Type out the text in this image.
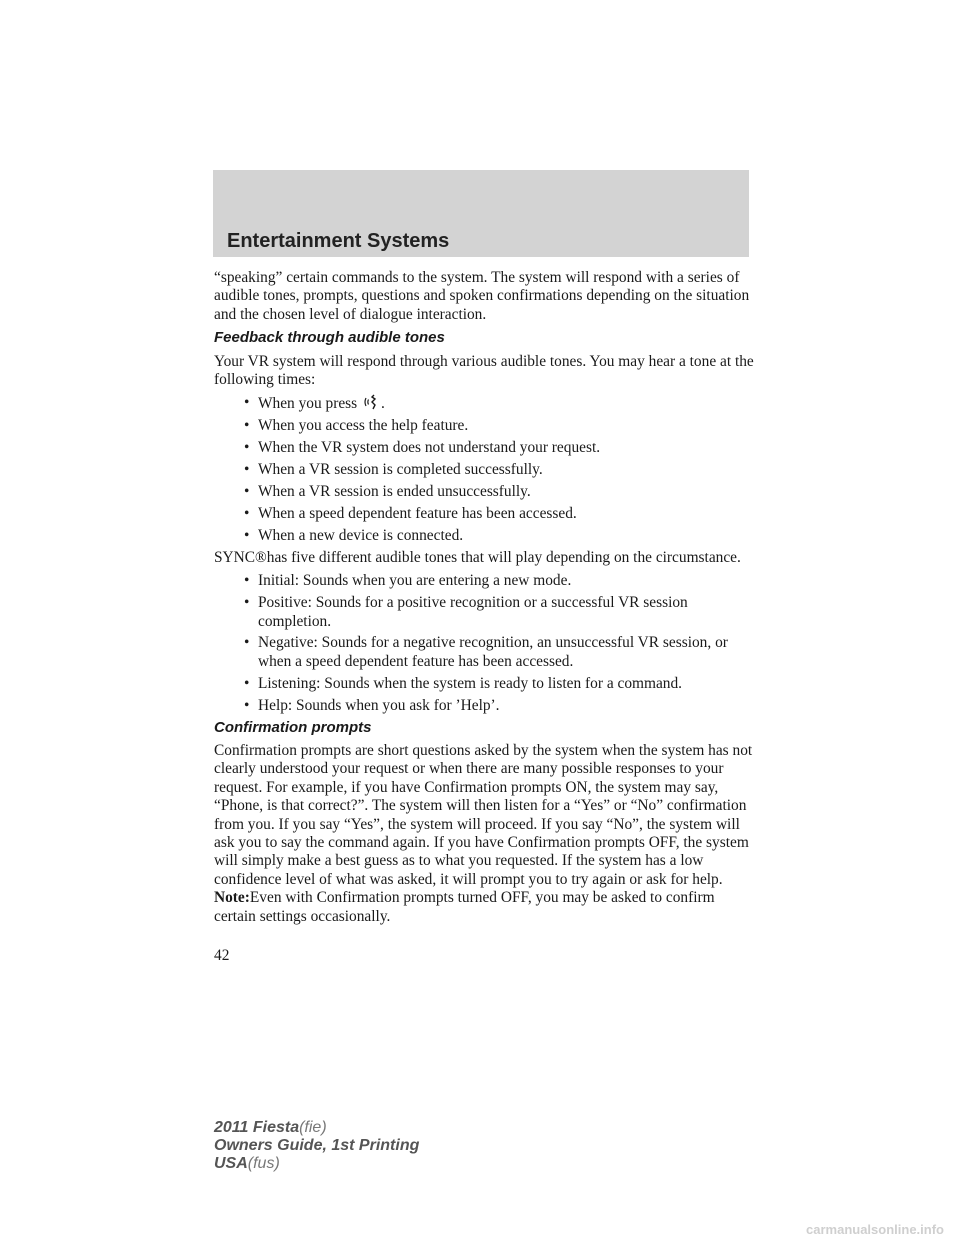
Entertainment Systems

“speaking” certain commands to the system. The system will respond with a series of audible tones, prompts, questions and spoken confirmations depending on the situation and the chosen level of dialogue interaction.

Feedback through audible tones

Your VR system will respond through various audible tones. You may hear a tone at the following times:

• When you press .
• When you access the help feature.
• When the VR system does not understand your request.
• When a VR session is completed successfully.
• When a VR session is ended unsuccessfully.
• When a speed dependent feature has been accessed.
• When a new device is connected.

SYNC®has five different audible tones that will play depending on the circumstance.

• Initial: Sounds when you are entering a new mode.
• Positive: Sounds for a positive recognition or a successful VR session completion.
• Negative: Sounds for a negative recognition, an unsuccessful VR session, or when a speed dependent feature has been accessed.
• Listening: Sounds when the system is ready to listen for a command.
• Help: Sounds when you ask for ’Help’.
Confirmation prompts

Confirmation prompts are short questions asked by the system when the system has not clearly understood your request or when there are many possible responses to your request. For example, if you have Confirmation prompts ON, the system may say, “Phone, is that correct?”. The system will then listen for a “Yes” or “No” confirmation from you. If you say “Yes”, the system will proceed. If you say “No”, the system will ask you to say the command again. If you have Confirmation prompts OFF, the system will simply make a best guess as to what you requested. If the system has a low confidence level of what was asked, it will prompt you to try again or ask for help.

Note:Even with Confirmation prompts turned OFF, you may be asked to confirm certain settings occasionally.

42
2011 Fiesta(fie)
Owners Guide, 1st Printing
USA(fus)
carmanualsonline.info
